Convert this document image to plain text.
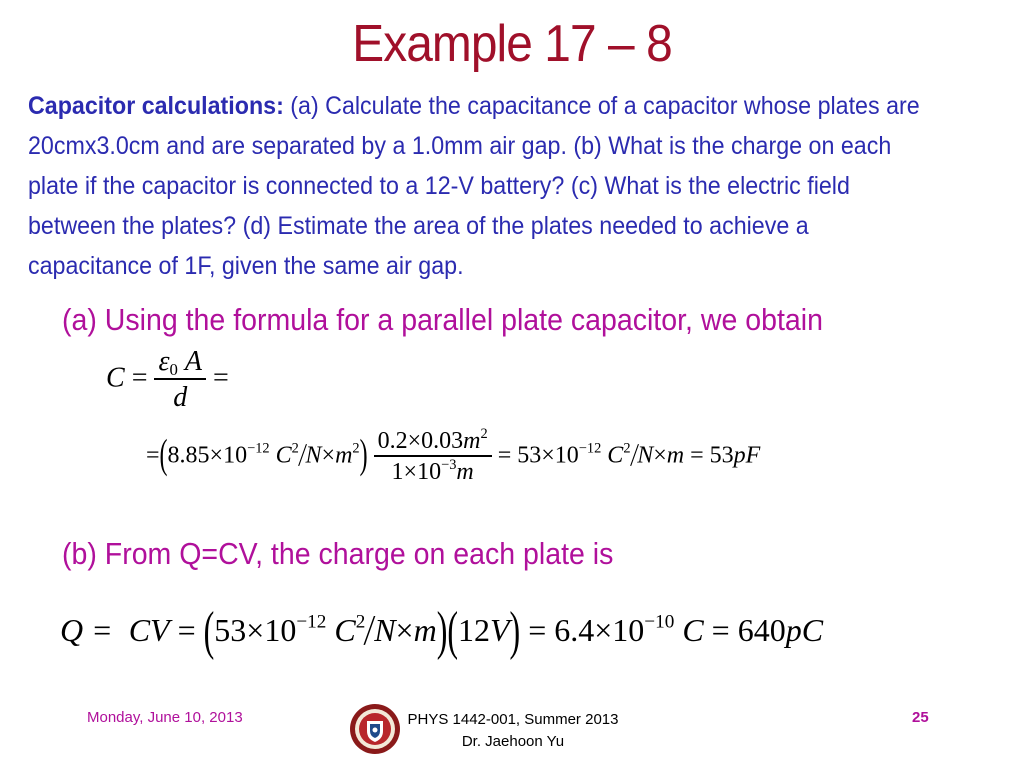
Example 17 – 8
Capacitor calculations: (a) Calculate the capacitance of a capacitor whose plates are 20cmx3.0cm and are separated by a 1.0mm air gap. (b) What is the charge on each plate if the capacitor is connected to a 12-V battery? (c) What is the electric field between the plates? (d) Estimate the area of the plates needed to achieve a capacitance of 1F, given the same air gap.
(a) Using the formula for a parallel plate capacitor, we obtain
$C = \frac{\varepsilon_0 A}{d}$ =
$=(8.85\times 10^{-12}$ $C^2/N\times m^2) \frac{0.2\times 0.03m^2}{1\times 10^{-3}m} = 53\times 10^{-12}$ $C^2/N\times m = 53pF$
(b) From Q=CV, the charge on each plate is
Q = CV = ($53\times 10^{-12}$ $C^2/N\times m)(12V) = 6.4\times 10^{-10}$ C = 640pC
Monday, June 10, 2013	PHYS 1442-001, Summer 2013
Dr. Jaehoon Yu
25
